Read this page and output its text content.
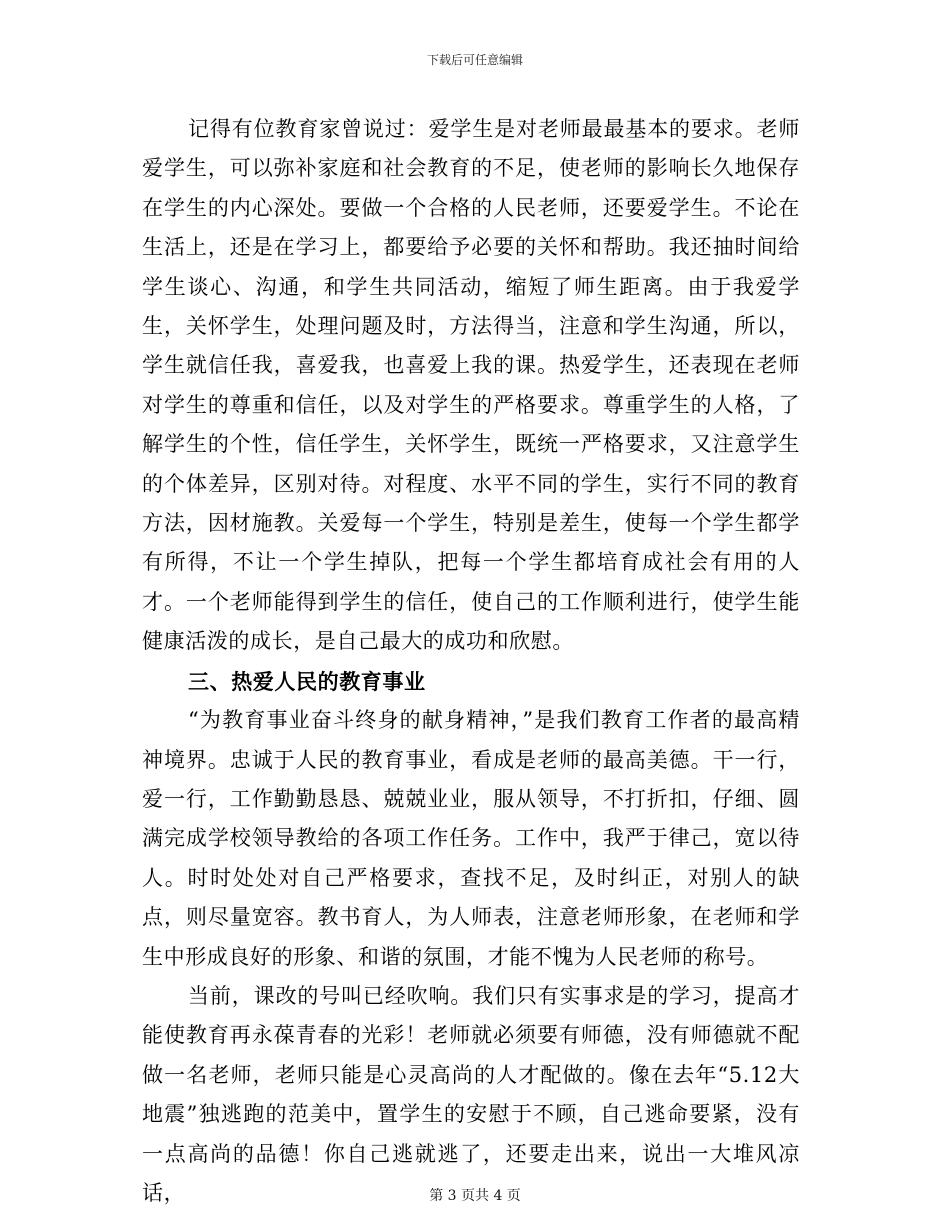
下载后可任意编辑

记得有位教育家曾说过：爱学生是对老师最最基本的要求。老师爱学生，可以弥补家庭和社会教育的不足，使老师的影响长久地保存在学生的内心深处。要做一个合格的人民老师，还要爱学生。不论在生活上，还是在学习上，都要给予必要的关怀和帮助。我还抽时间给学生谈心、沟通，和学生共同活动，缩短了师生距离。由于我爱学生，关怀学生，处理问题及时，方法得当，注意和学生沟通，所以，学生就信任我，喜爱我，也喜爱上我的课。热爱学生，还表现在老师对学生的尊重和信任，以及对学生的严格要求。尊重学生的人格，了解学生的个性，信任学生，关怀学生，既统一严格要求，又注意学生的个体差异，区别对待。对程度、水平不同的学生，实行不同的教育方法，因材施教。关爱每一个学生，特别是差生，使每一个学生都学有所得，不让一个学生掉队，把每一个学生都培育成社会有用的人才。一个老师能得到学生的信任，使自己的工作顺利进行，使学生能健康活泼的成长，是自己最大的成功和欣慰。

三、热爱人民的教育事业

“为教育事业奋斗终身的献身精神，”是我们教育工作者的最高精神境界。忠诚于人民的教育事业，看成是老师的最高美德。干一行，爱一行，工作勤勤恳恳、兢兢业业，服从领导，不打折扣，仔细、圆满完成学校领导教给的各项工作任务。工作中，我严于律己，宽以待人。时时处处对自己严格要求，查找不足，及时纠正，对别人的缺点，则尽量宽容。教书育人，为人师表，注意老师形象，在老师和学生中形成良好的形象、和谐的氛围，才能不愧为人民老师的称号。

当前，课改的号叫已经吹响。我们只有实事求是的学习，提高才能使教育再永葆青春的光彩！老师就必须要有师德，没有师德就不配做一名老师，老师只能是心灵高尚的人才配做的。像在去年“5.12大地震”独逃跑的范美中，置学生的安慰于不顾，自己逃命要紧，没有一点高尚的品德！你自己逃就逃了，还要走出来，说出一大堆风凉话，	第 3 页共 4 页
